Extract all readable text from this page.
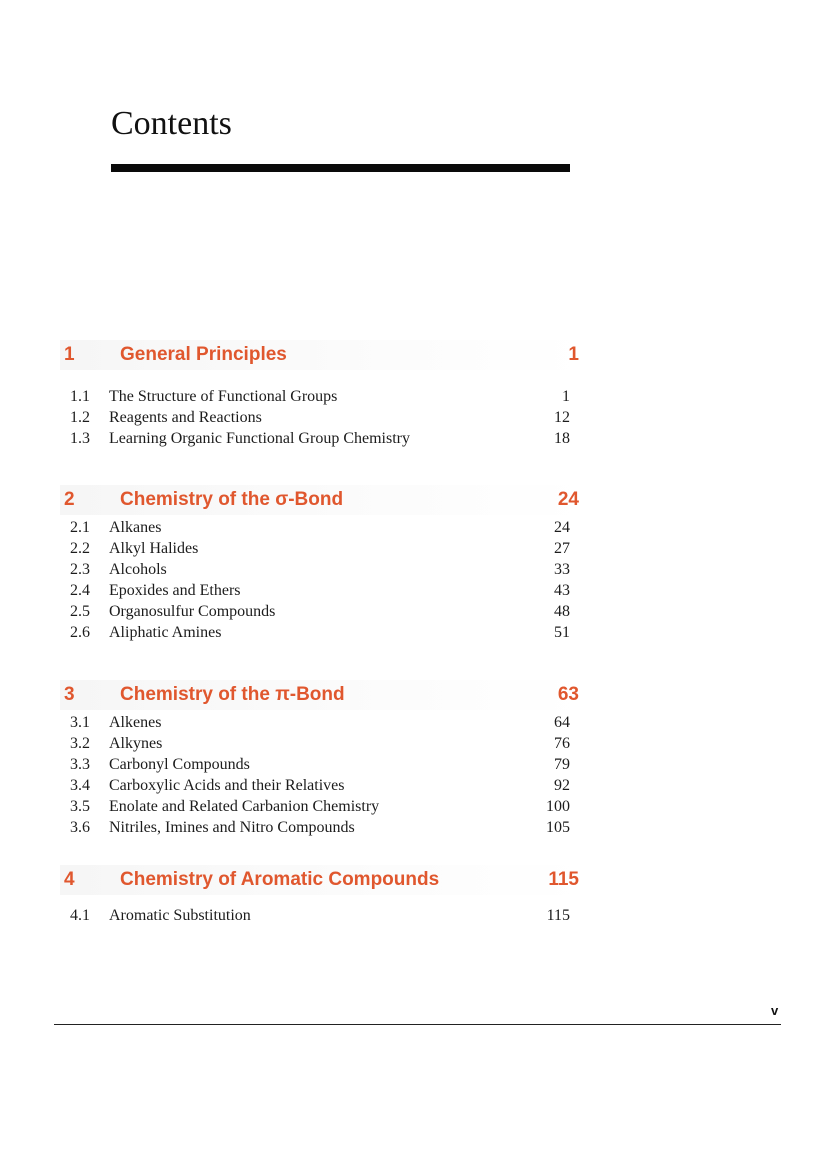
Contents
1 General Principles	1
1.1 The Structure of Functional Groups	1
1.2 Reagents and Reactions	12
1.3 Learning Organic Functional Group Chemistry	18
2 Chemistry of the σ-Bond	24
2.1 Alkanes	24
2.2 Alkyl Halides	27
2.3 Alcohols	33
2.4 Epoxides and Ethers	43
2.5 Organosulfur Compounds	48
2.6 Aliphatic Amines	51
3 Chemistry of the π-Bond	63
3.1 Alkenes	64
3.2 Alkynes	76
3.3 Carbonyl Compounds	79
3.4 Carboxylic Acids and their Relatives	92
3.5 Enolate and Related Carbanion Chemistry	100
3.6 Nitriles, Imines and Nitro Compounds	105
4 Chemistry of Aromatic Compounds	115
4.1 Aromatic Substitution	115
v
